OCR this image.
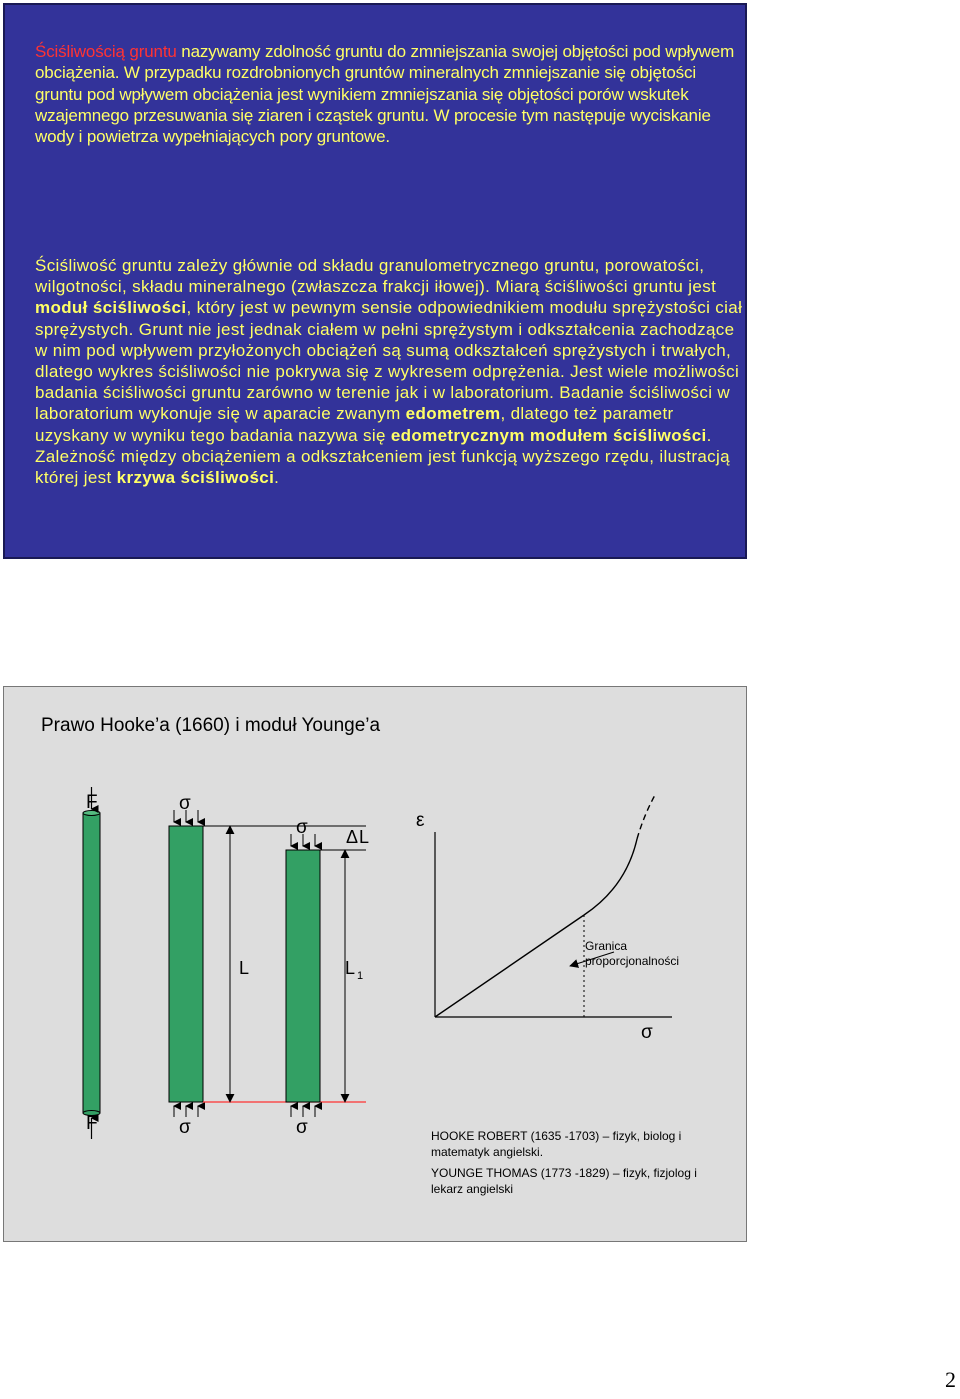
Ściśliwością gruntu nazywamy zdolność gruntu do zmniejszania swojej objętości pod wpływem obciążenia. W przypadku rozdrobnionych gruntów mineralnych zmniejszanie się objętości gruntu pod wpływem obciążenia jest wynikiem zmniejszania się objętości porów wskutek wzajemnego przesuwania się ziaren i cząstek gruntu. W procesie tym następuje wyciskanie wody i powietrza wypełniających pory gruntowe.

Ściśliwość gruntu zależy głównie od składu granulometrycznego gruntu, porowatości, wilgotności, składu mineralnego (zwłaszcza frakcji iłowej). Miarą ściśliwości gruntu jest moduł ściśliwości, który jest w pewnym sensie odpowiednikiem modułu sprężystości ciał sprężystych. Grunt nie jest jednak ciałem w pełni sprężystym i odkształcenia zachodzące w nim pod wpływem przyłożonych obciążeń są sumą odkształceń sprężystych i trwałych, dlatego wykres ściśliwości nie pokrywa się z wykresem odprężenia. Jest wiele możliwości badania ściśliwości gruntu zarówno w terenie jak i w laboratorium. Badanie ściśliwości w laboratorium wykonuje się w aparacie zwanym edometrem, dlatego też parametr uzyskany w wyniku tego badania nazywa się edometrycznym modułem ściśliwości. Zależność między obciążeniem a odkształceniem jest funkcją wyższego rzędu, ilustracją której jest krzywa ściśliwości.

Prawo Hooke’a (1660) i moduł Younge’a
F
F
σ
σ
σ	σ
Δ L
L	L 1
ε
σ
Granica
proporcjonalności
HOOKE ROBERT (1635 -1703) – fizyk, biolog i matematyk angielski.
YOUNGE THOMAS (1773 -1829) – fizyk, fizjolog i lekarz angielski
2
